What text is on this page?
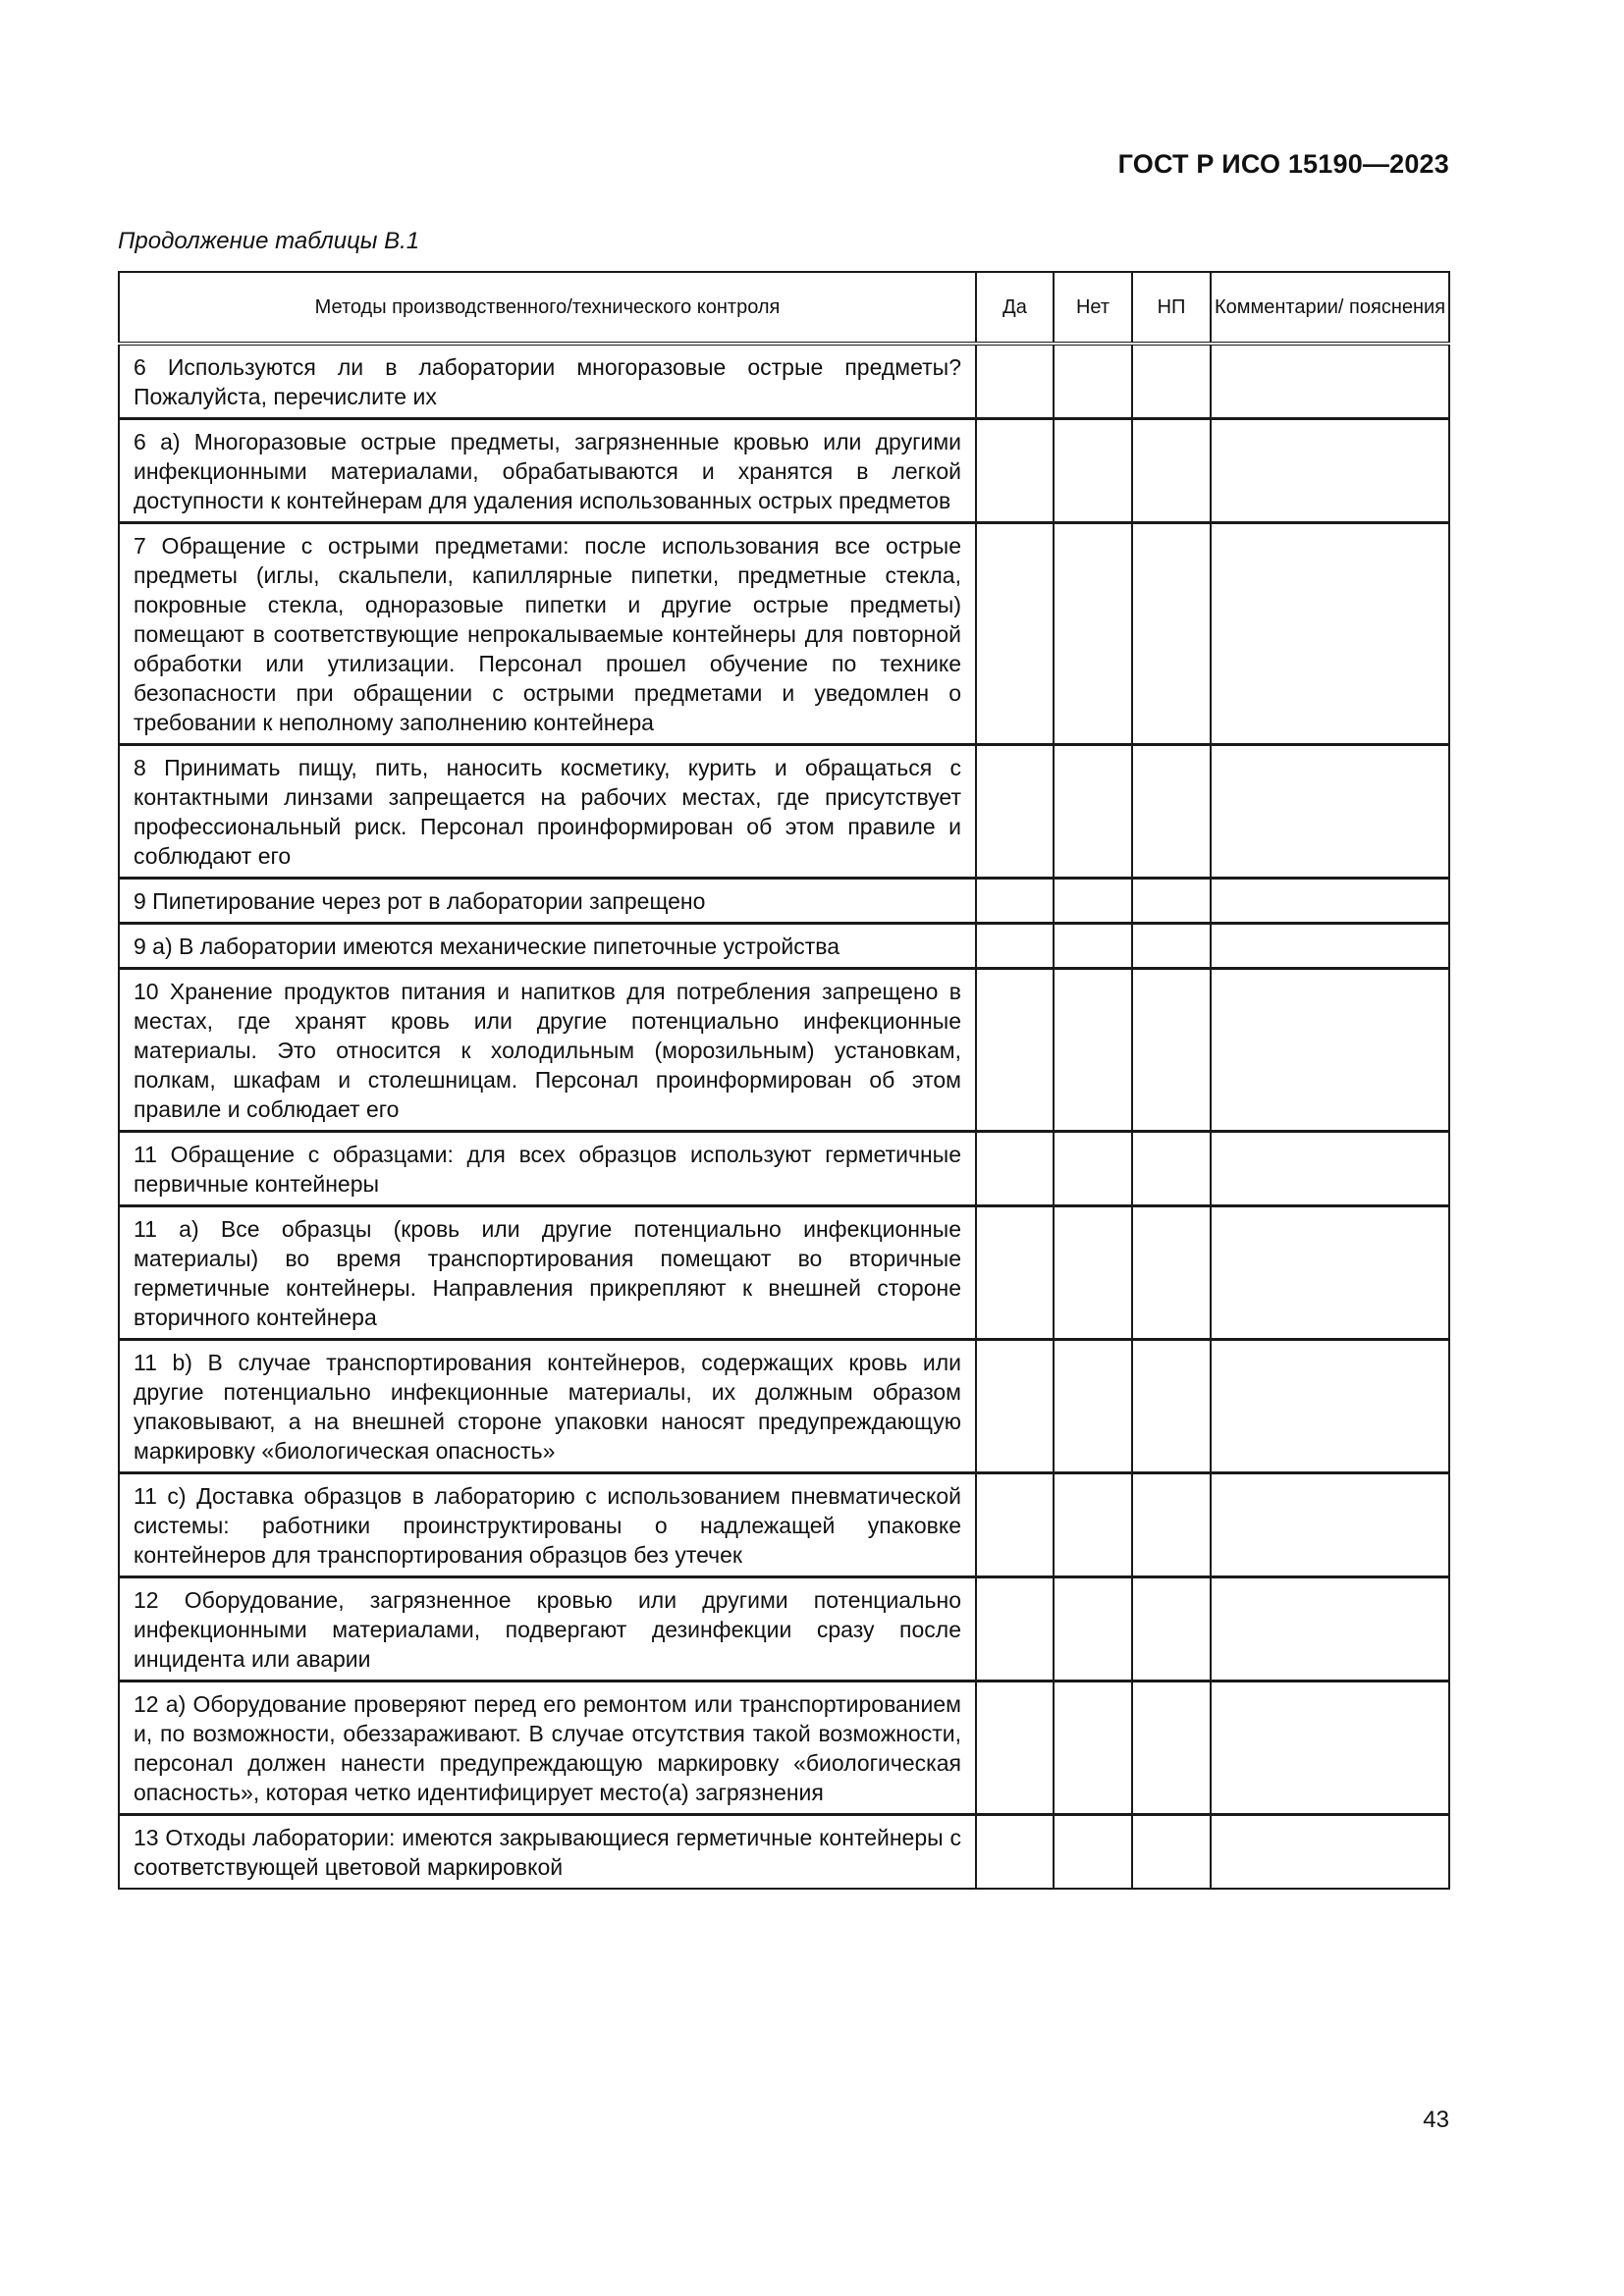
ГОСТ Р ИСО 15190—2023
Продолжение таблицы В.1
Методы производственного/технического контроля	Да	Нет	НП	Комментарии/ пояснения
6 Используются ли в лаборатории многоразовые острые предметы? Пожалуйста, перечислите их				
6 а) Многоразовые острые предметы, загрязненные кровью или другими инфекционными материалами, обрабатываются и хранятся в легкой доступности к контейнерам для удаления использованных острых предметов				
7 Обращение с острыми предметами: после использования все острые предметы (иглы, скальпели, капиллярные пипетки, предметные стекла, покровные стекла, одноразовые пипетки и другие острые предметы) помещают в соответствующие непрокалываемые контейнеры для повторной обработки или утилизации. Персонал прошел обучение по технике безопасности при обращении с острыми предметами и уведомлен о требовании к неполному заполнению контейнера				
8 Принимать пищу, пить, наносить косметику, курить и обращаться с контактными линзами запрещается на рабочих местах, где присутствует профессиональный риск. Персонал проинформирован об этом правиле и соблюдают его				
9 Пипетирование через рот в лаборатории запрещено				
9 а) В лаборатории имеются механические пипеточные устройства				
10 Хранение продуктов питания и напитков для потребления запрещено в местах, где хранят кровь или другие потенциально инфекционные материалы. Это относится к холодильным (морозильным) установкам, полкам, шкафам и столешницам. Персонал проинформирован об этом правиле и соблюдает его				
11 Обращение с образцами: для всех образцов используют герметичные первичные контейнеры				
11 а) Все образцы (кровь или другие потенциально инфекционные материалы) во время транспортирования помещают во вторичные герметичные контейнеры. Направления прикрепляют к внешней стороне вторичного контейнера				
11 b) В случае транспортирования контейнеров, содержащих кровь или другие потенциально инфекционные материалы, их должным образом упаковывают, а на внешней стороне упаковки наносят предупреждающую маркировку «биологическая опасность»				
11 с) Доставка образцов в лабораторию с использованием пневматической системы: работники проинструктированы о надлежащей упаковке контейнеров для транспортирования образцов без утечек				
12 Оборудование, загрязненное кровью или другими потенциально инфекционными материалами, подвергают дезинфекции сразу после инцидента или аварии				
12 а) Оборудование проверяют перед его ремонтом или транспортированием и, по возможности, обеззараживают. В случае отсутствия такой возможности, персонал должен нанести предупреждающую маркировку «биологическая опасность», которая четко идентифицирует место(а) загрязнения				
13 Отходы лаборатории: имеются закрывающиеся герметичные контейнеры с соответствующей цветовой маркировкой				
43
